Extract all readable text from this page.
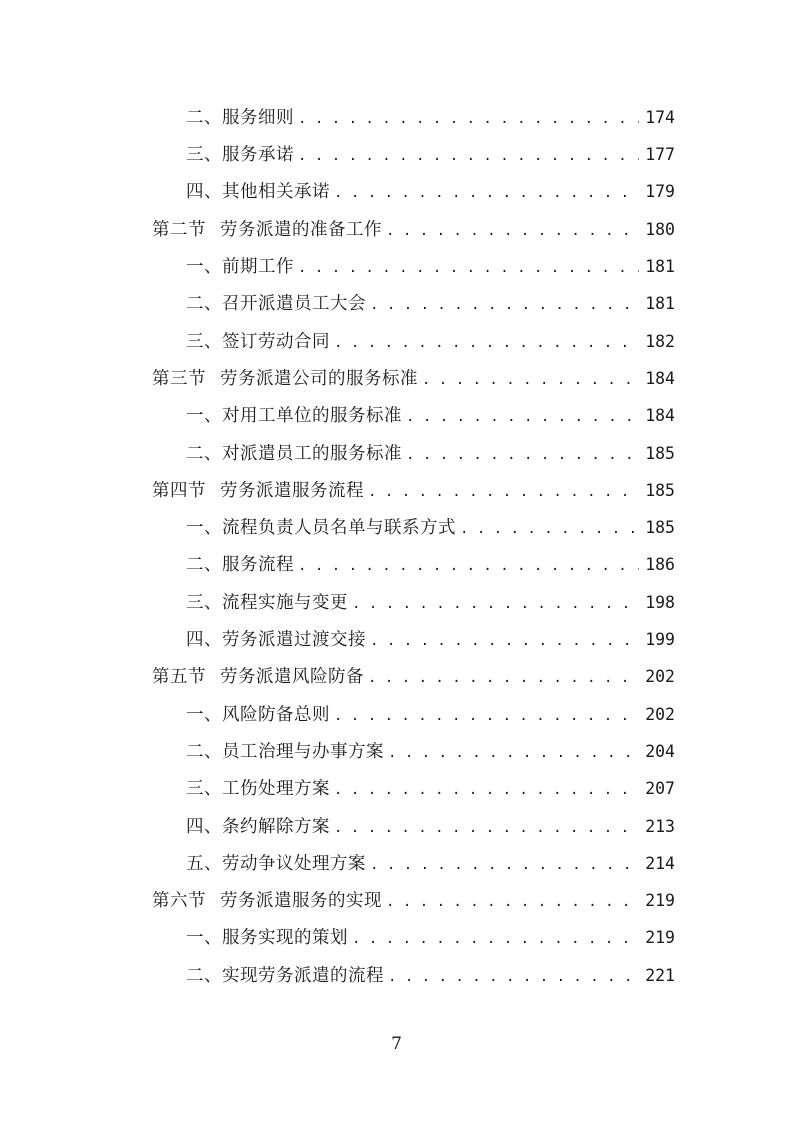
二、服务细则 . . .	174
三、服务承诺 . . .	177
四、其他相关承诺 . . .	179
第二节 劳务派遣的准备工作 . . .	180
一、前期工作 . . .	181
二、召开派遣员工大会 . . .	181
三、签订劳动合同 . . .	182
第三节 劳务派遣公司的服务标准 . . .	184
一、对用工单位的服务标准 . . .	184
二、对派遣员工的服务标准 . . .	185
第四节 劳务派遣服务流程 . . .	185
一、流程负责人员名单与联系方式 . . .	185
二、服务流程 . . .	186
三、流程实施与变更 . . .	198
四、劳务派遣过渡交接 . . .	199
第五节 劳务派遣风险防备 . . .	202
一、风险防备总则 . . .	202
二、员工治理与办事方案 . . .	204
三、工伤处理方案 . . .	207
四、条约解除方案 . . .	213
五、劳动争议处理方案 . . .	214
第六节 劳务派遣服务的实现 . . .	219
一、服务实现的策划 . . .	219
二、实现劳务派遣的流程 . . .	221
7
